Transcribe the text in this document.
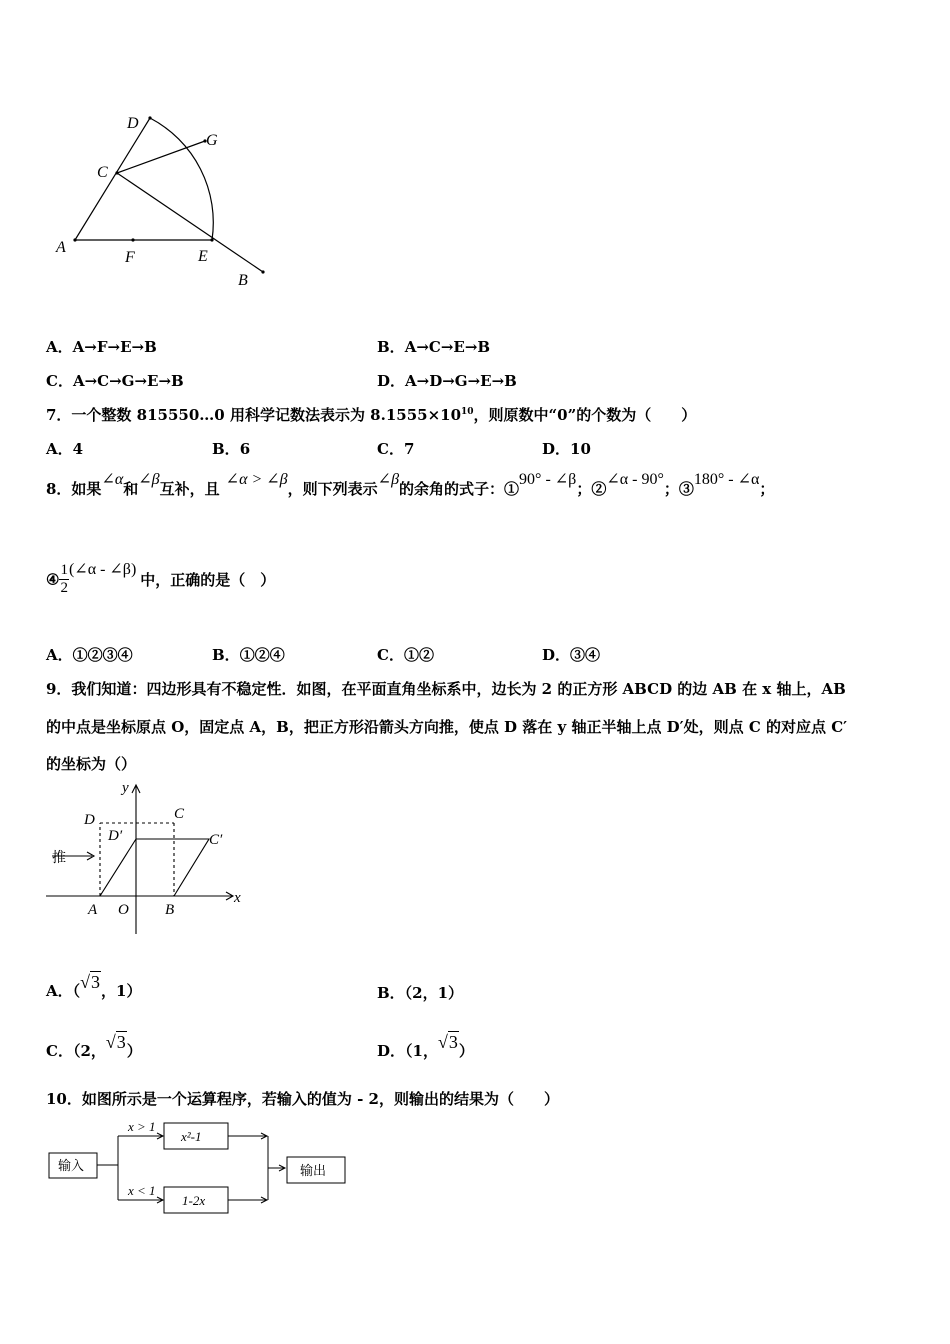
D
G
C
A
F	E
B
A．A→F→E→B	B．A→C→E→B
C．A→C→G→E→B	D．A→D→G→E→B
7．一个整数 815550…0 用科学记数法表示为 $8.1555\times 10^{10}$，则原数中“0”的个数为（　　）
A．4	B．6	C．7	D．10
8．如果∠α和∠β互补，且∠α > ∠β，则下列表示∠β的余角的式子：①90° - ∠β；②∠α - 90°；③180° - ∠α；
④ $\frac{1}{2}$ (∠α - ∠β)中，正确的是（　）
A．①②③④	B．①②④	C．①②	D．③④
9．我们知道：四边形具有不稳定性．如图，在平面直角坐标系中，边长为 2 的正方形 ABCD 的边 AB 在 x 轴上，AB
的中点是坐标原点 O，固定点 A，B，把正方形沿箭头方向推，使点 D 落在 y 轴正半轴上点 D′处，则点 C 的对应点 C′
的坐标为（）
y
x
D	C
D′	C′
A O B
推
A．（√3，1）	B．（2，1）
C．（2，√3）	D．（1，√3）
10．如图所示是一个运算程序，若输入的值为 - 2，则输出的结果为（　　）
输入	输出
x > 1
x²-1
x < 1
1-2x
